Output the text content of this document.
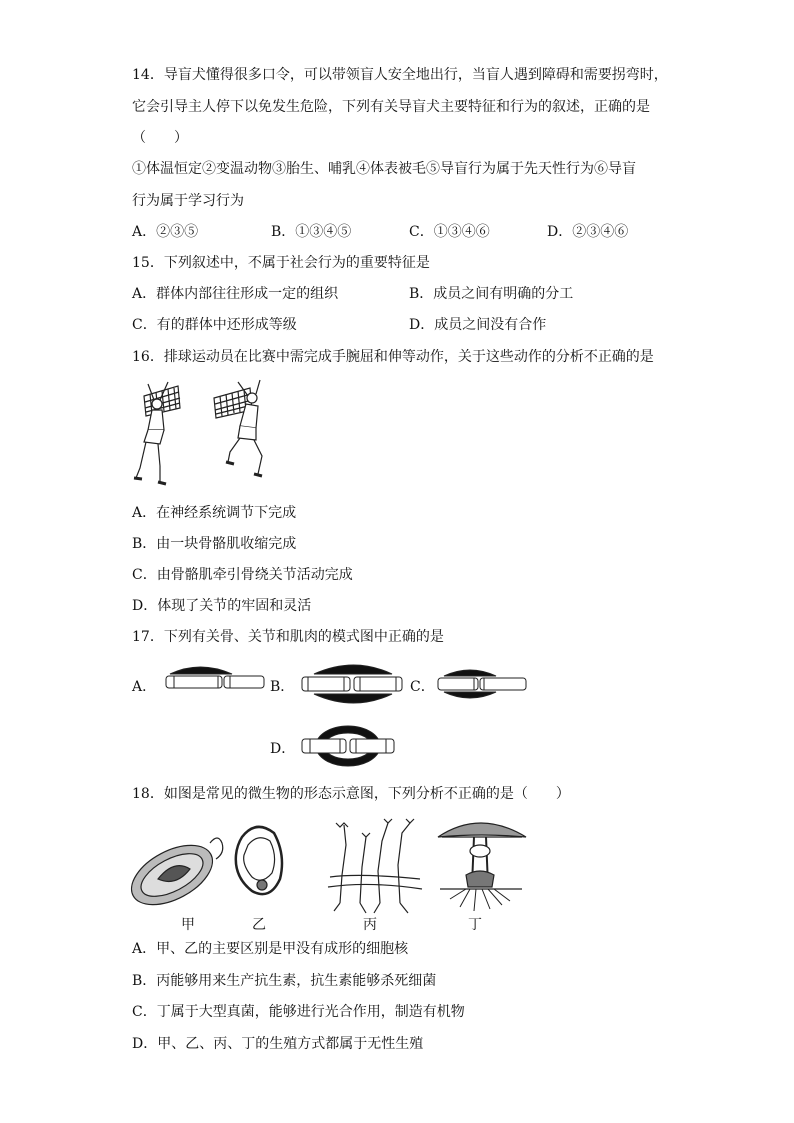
14．导盲犬懂得很多口令，可以带领盲人安全地出行，当盲人遇到障碍和需要拐弯时，
它会引导主人停下以免发生危险，下列有关导盲犬主要特征和行为的叙述，正确的是
（　　）
①体温恒定②变温动物③胎生、哺乳④体表被毛⑤导盲行为属于先天性行为⑥导盲
行为属于学习行为
A．②③⑤	B．①③④⑤	C．①③④⑥	D．②③④⑥
15．下列叙述中，不属于社会行为的重要特征是
A．群体内部往往形成一定的组织	B．成员之间有明确的分工
C．有的群体中还形成等级	D．成员之间没有合作
16．排球运动员在比赛中需完成手腕屈和伸等动作，关于这些动作的分析不正确的是
A．在神经系统调节下完成
B．由一块骨骼肌收缩完成
C．由骨骼肌牵引骨绕关节活动完成
D．体现了关节的牢固和灵活
17．下列有关骨、关节和肌肉的模式图中正确的是
A．	B．	C．
D．
18．如图是常见的微生物的形态示意图，下列分析不正确的是（　　）
甲	乙	丙	丁
A．甲、乙的主要区别是甲没有成形的细胞核
B．丙能够用来生产抗生素，抗生素能够杀死细菌
C．丁属于大型真菌，能够进行光合作用，制造有机物
D．甲、乙、丙、丁的生殖方式都属于无性生殖
